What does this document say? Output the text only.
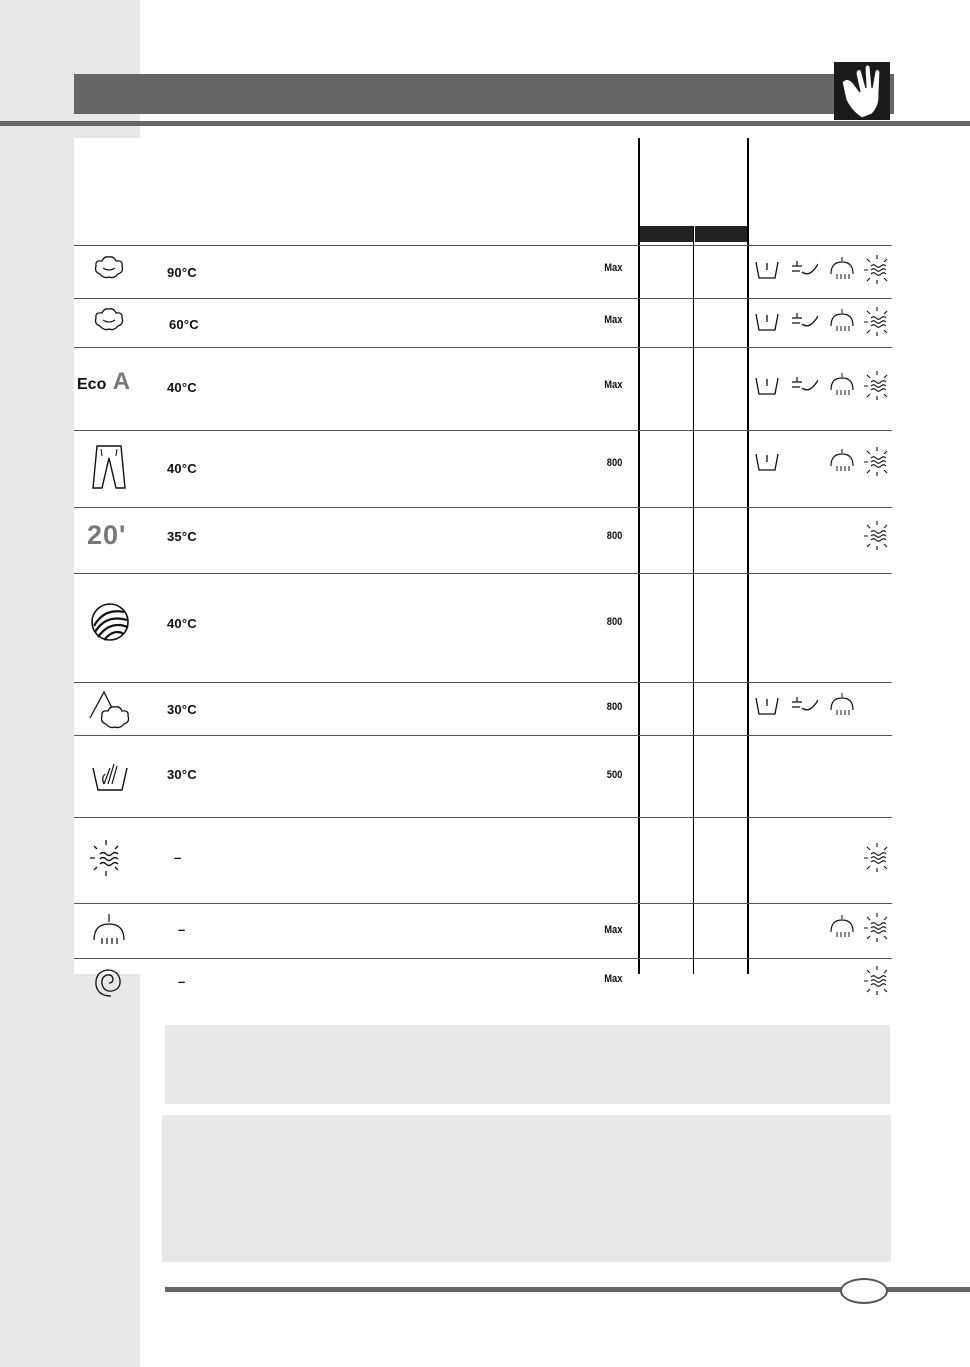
90°C	Max
60°C	Max
Eco A	40°C	Max
40°C	800
20'	35°C	800
40°C	800
30°C	800
30°C	500
–
–	Max
–	Max
